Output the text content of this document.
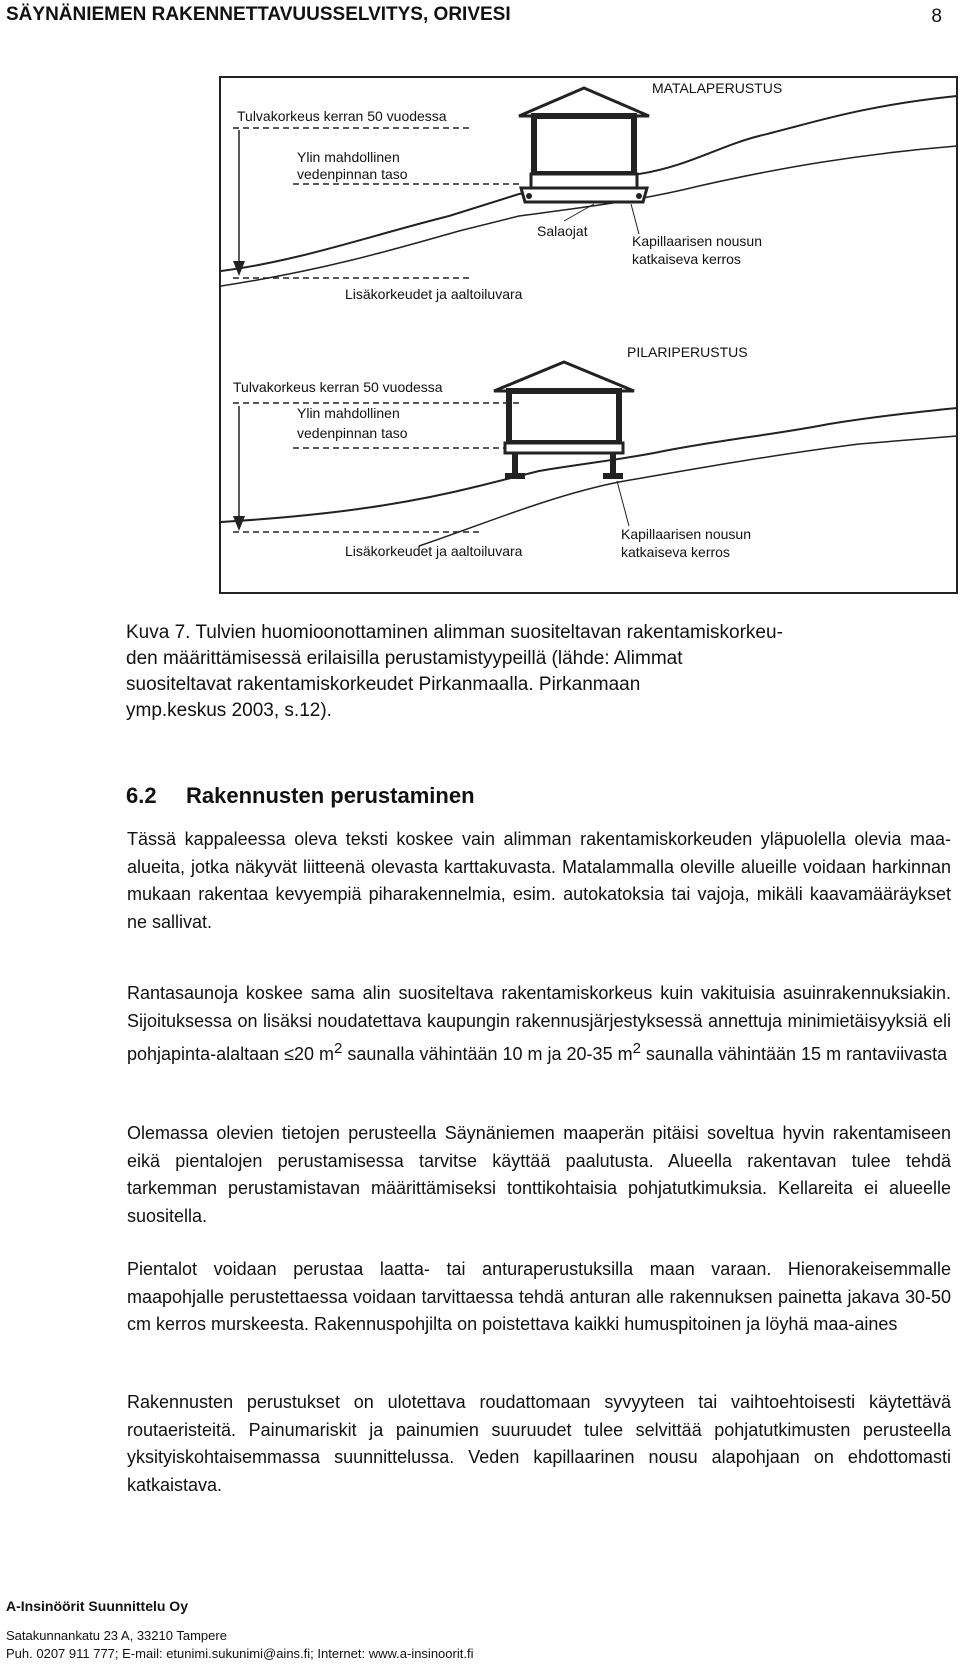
SÄYNÄNIEMEN RAKENNETTAVUUSSELVITYS, ORIVESI	8
MATALAPERUSTUS
Tulvakorkeus kerran 50 vuodessa
Ylin mahdollinen
vedenpinnan taso
Salaojat
Kapillaarisen nousun
katkaiseva kerros
Lisäkorkeudet ja aaltoiluvara
PILARIPERUSTUS
Tulvakorkeus kerran 50 vuodessa
Ylin mahdollinen
vedenpinnan taso
Kapillaarisen nousun
katkaiseva kerros
Lisäkorkeudet ja aaltoiluvara

Kuva 7. Tulvien huomioonottaminen alimman suositeltavan rakentamiskorkeu-

den määrittämisessä erilaisilla perustamistyypeillä (lähde: Alimmat

suositeltavat rakentamiskorkeudet Pirkanmaalla. Pirkanmaan

ymp.keskus 2003, s.12).

6.2 Rakennusten perustaminen

Tässä kappaleessa oleva teksti koskee vain alimman rakentamiskorkeuden yläpuolella olevia maa-alueita, jotka näkyvät liitteenä olevasta karttakuvasta. Matalammalla oleville alueille voidaan harkinnan mukaan rakentaa kevyempiä piharakennelmia, esim. autokatoksia tai vajoja, mikäli kaavamääräykset ne sallivat.

Rantasaunoja koskee sama alin suositeltava rakentamiskorkeus kuin vakituisia asuinrakennuksiakin. Sijoituksessa on lisäksi noudatettava kaupungin rakennusjärjestyksessä annettuja minimietäisyyksiä eli pohjapinta-alaltaan ≤20 $m^2$ saunalla vähintään 10 m ja 20-35 $m^2$ saunalla vähintään 15 m rantaviivasta

Olemassa olevien tietojen perusteella Säynäniemen maaperän pitäisi soveltua hyvin rakentamiseen eikä pientalojen perustamisessa tarvitse käyttää paalutusta. Alueella rakentavan tulee tehdä tarkemman perustamistavan määrittämiseksi tonttikohtaisia pohjatutkimuksia. Kellareita ei alueelle suositella.

Pientalot voidaan perustaa laatta- tai anturaperustuksilla maan varaan. Hienorakeisemmalle maapohjalle perustettaessa voidaan tarvittaessa tehdä anturan alle rakennuksen painetta jakava 30-50 cm kerros murskeesta. Rakennuspohjilta on poistettava kaikki humuspitoinen ja löyhä maa-aines

Rakennusten perustukset on ulotettava roudattomaan syvyyteen tai vaihtoehtoisesti käytettävä routaeristeitä. Painumariskit ja painumien suuruudet tulee selvittää pohjatutkimusten perusteella yksityiskohtaisemmassa suunnittelussa. Veden kapillaarinen nousu alapohjaan on ehdottomasti katkaistava.

A-Insinöörit Suunnittelu Oy
Satakunnankatu 23 A, 33210 Tampere
Puh. 0207 911 777; E-mail: etunimi.sukunimi@ains.fi; Internet: www.a-insinoorit.fi
